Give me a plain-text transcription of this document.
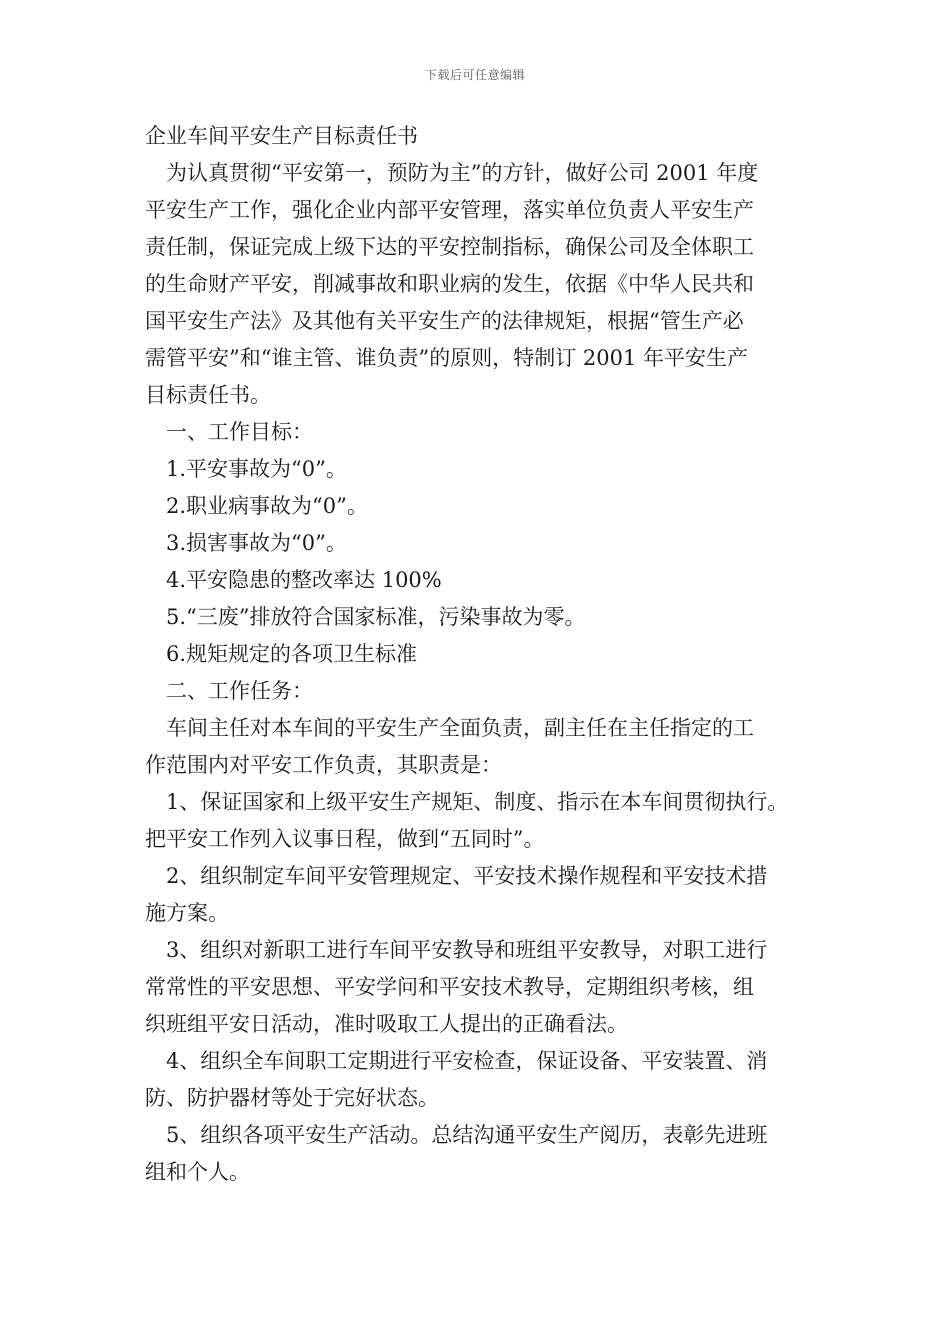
下载后可任意编辑

企业车间平安生产目标责任书

为认真贯彻“平安第一，预防为主”的方针，做好公司 2001 年度

平安生产工作，强化企业内部平安管理，落实单位负责人平安生产

责任制，保证完成上级下达的平安控制指标，确保公司及全体职工

的生命财产平安，削减事故和职业病的发生，依据《中华人民共和

国平安生产法》及其他有关平安生产的法律规矩，根据“管生产必

需管平安”和“谁主管、谁负责”的原则，特制订 2001 年平安生产

目标责任书。

一、工作目标：

1.平安事故为“0”。

2.职业病事故为“0”。

3.损害事故为“0”。

4.平安隐患的整改率达 100%

5.“三废”排放符合国家标准，污染事故为零。

6.规矩规定的各项卫生标准

二、工作任务：

车间主任对本车间的平安生产全面负责，副主任在主任指定的工

作范围内对平安工作负责，其职责是：

1、保证国家和上级平安生产规矩、制度、指示在本车间贯彻执行。

把平安工作列入议事日程，做到“五同时”。

2、组织制定车间平安管理规定、平安技术操作规程和平安技术措

施方案。

3、组织对新职工进行车间平安教导和班组平安教导，对职工进行

常常性的平安思想、平安学问和平安技术教导，定期组织考核，组

织班组平安日活动，准时吸取工人提出的正确看法。

4、组织全车间职工定期进行平安检查，保证设备、平安装置、消

防、防护器材等处于完好状态。

5、组织各项平安生产活动。总结沟通平安生产阅历，表彰先进班

组和个人。
